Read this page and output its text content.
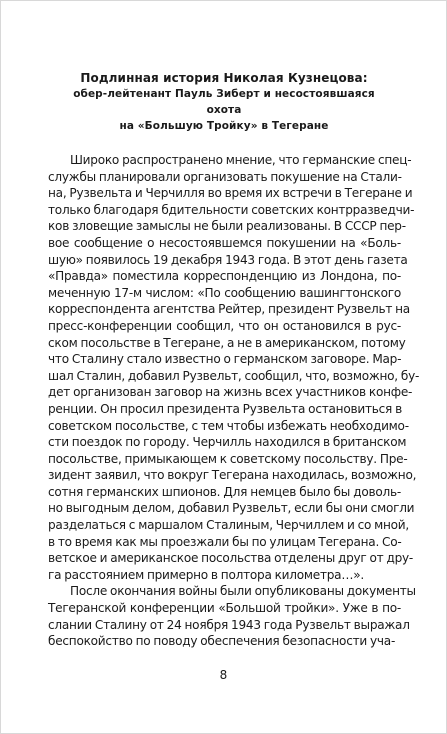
Подлинная история Николая Кузнецова:
обер-лейтенант Пауль Зиберт и несостоявшаяся охота
на «Большую Тройку» в Тегеране
Широко распространено мнение, что германские спец-
службы планировали организовать покушение на Стали-
на, Рузвельта и Черчилля во время их встречи в Тегеране и
только благодаря бдительности советских контрразведчи-
ков зловещие замыслы не были реализованы. В СССР пер-
вое сообщение о несостоявшемся покушении на «Боль-
шую» появилось 19 декабря 1943 года. В этот день газета
«Правда» поместила корреспонденцию из Лондона, по-
меченную 17-м числом: «По сообщению вашингтонского
корреспондента агентства Рейтер, президент Рузвельт на
пресс-конференции сообщил, что он остановился в рус-
ском посольстве в Тегеране, а не в американском, потому
что Сталину стало известно о германском заговоре. Мар-
шал Сталин, добавил Рузвельт, сообщил, что, возможно, бу-
дет организован заговор на жизнь всех участников конфе-
ренции. Он просил президента Рузвельта остановиться в
советском посольстве, с тем чтобы избежать необходимо-
сти поездок по городу. Черчилль находился в британском
посольстве, примыкающем к советскому посольству. Пре-
зидент заявил, что вокруг Тегерана находилась, возможно,
сотня германских шпионов. Для немцев было бы доволь-
но выгодным делом, добавил Рузвельт, если бы они смогли
разделаться с маршалом Сталиным, Черчиллем и со мной,
в то время как мы проезжали бы по улицам Тегерана. Со-
ветское и американское посольства отделены друг от дру-
га расстоянием примерно в полтора километра…».
После окончания войны были опубликованы документы
Тегеранской конференции «Большой тройки». Уже в по-
слании Сталину от 24 ноября 1943 года Рузвельт выражал
беспокойство по поводу обеспечения безопасности уча-
8
